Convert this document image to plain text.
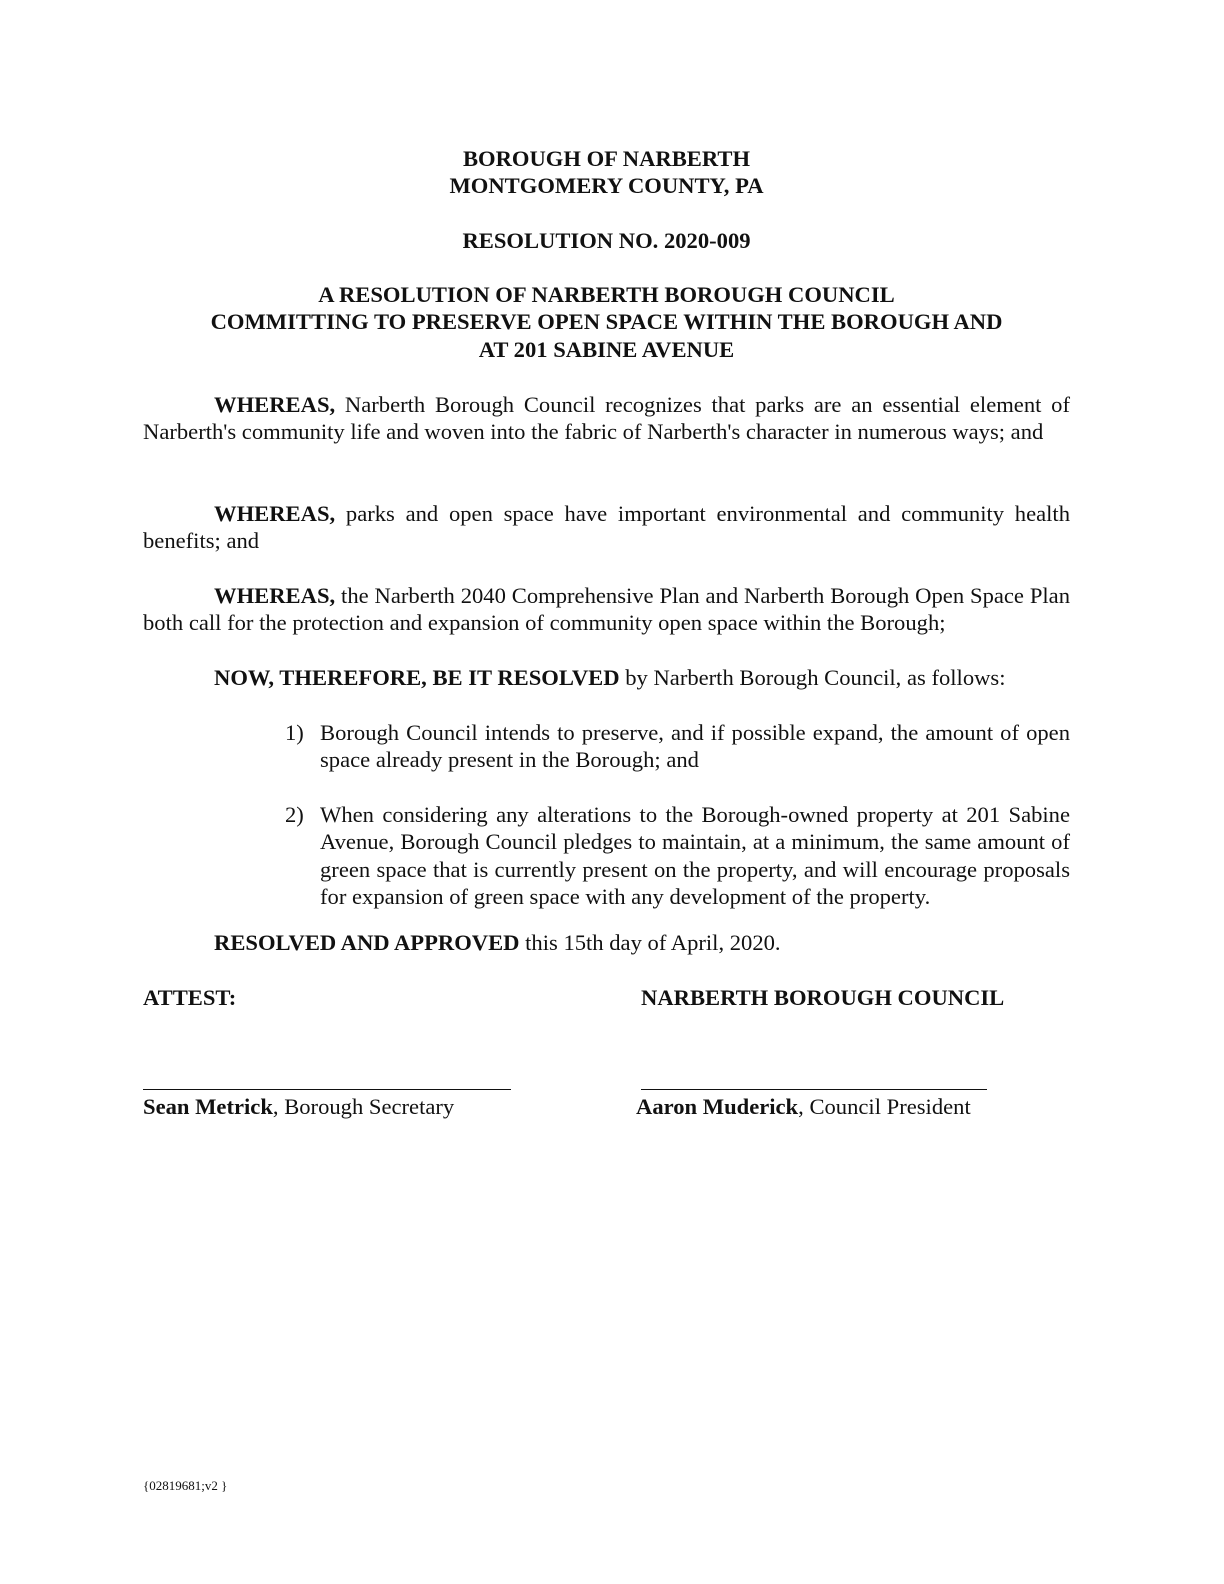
BOROUGH OF NARBERTH
MONTGOMERY COUNTY, PA
RESOLUTION NO. 2020-009
A RESOLUTION OF NARBERTH BOROUGH COUNCIL
COMMITTING TO PRESERVE OPEN SPACE WITHIN THE BOROUGH AND
AT 201 SABINE AVENUE
WHEREAS, Narberth Borough Council recognizes that parks are an essential element of Narberth's community life and woven into the fabric of Narberth's character in numerous ways; and
WHEREAS, parks and open space have important environmental and community health benefits; and
WHEREAS, the Narberth 2040 Comprehensive Plan and Narberth Borough Open Space Plan both call for the protection and expansion of community open space within the Borough;
NOW, THEREFORE, BE IT RESOLVED by Narberth Borough Council, as follows:
1) Borough Council intends to preserve, and if possible expand, the amount of open space already present in the Borough; and
2) When considering any alterations to the Borough-owned property at 201 Sabine Avenue, Borough Council pledges to maintain, at a minimum, the same amount of green space that is currently present on the property, and will encourage proposals for expansion of green space with any development of the property.
RESOLVED AND APPROVED this 15th day of April, 2020.
ATTEST:	NARBERTH BOROUGH COUNCIL
Sean Metrick, Borough Secretary	Aaron Muderick, Council President
{02819681;v2 }
